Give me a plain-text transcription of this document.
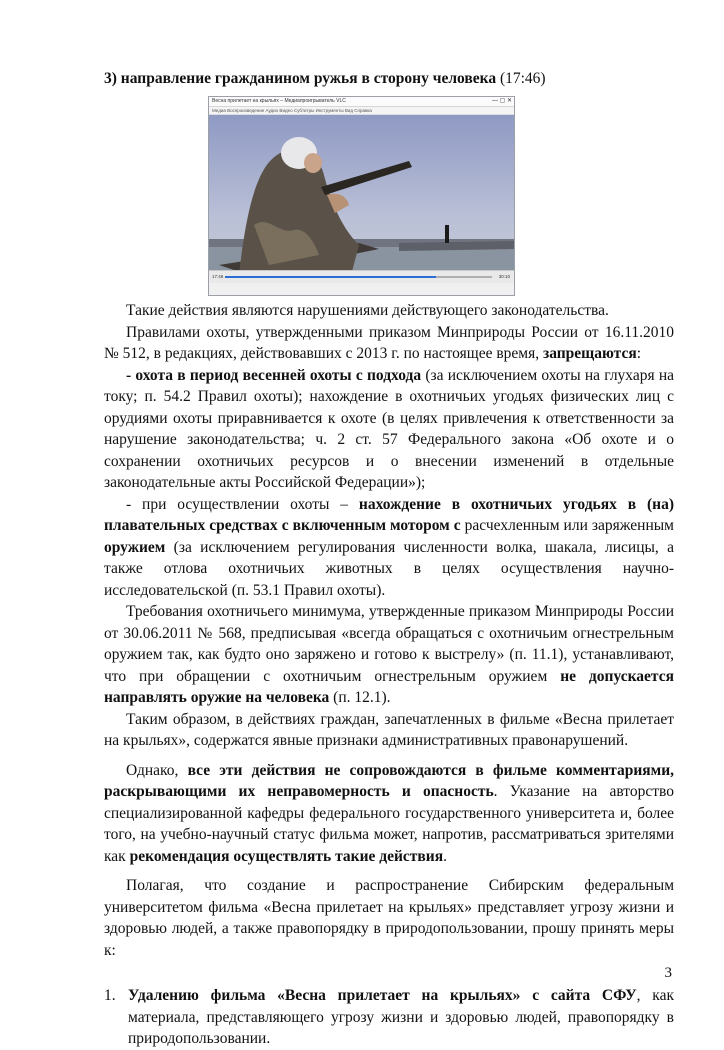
3) направление гражданином ружья в сторону человека (17:46)
Весна прилетает на крыльях – Медиапроигрыватель VLC	— ▢ ✕
Медиа Воспроизведение Аудио Видео Субтитры Инструменты Вид Справка
17:46	30:10

Такие действия являются нарушениями действующего законодательства.

Правилами охоты, утвержденными приказом Минприроды России от 16.11.2010 № 512, в редакциях, действовавших с 2013 г. по настоящее время, запрещаются:

- охота в период весенней охоты с подхода (за исключением охоты на глухаря на току; п. 54.2 Правил охоты); нахождение в охотничьих угодьях физических лиц с орудиями охоты приравнивается к охоте (в целях привлечения к ответственности за нарушение законодательства; ч. 2 ст. 57 Федерального закона «Об охоте и о сохранении охотничьих ресурсов и о внесении изменений в отдельные законодательные акты Российской Федерации»);

- при осуществлении охоты – нахождение в охотничьих угодьях в (на) плавательных средствах с включенным мотором с расчехленным или заряженным оружием (за исключением регулирования численности волка, шакала, лисицы, а также отлова охотничьих животных в целях осуществления научно-исследовательской (п. 53.1 Правил охоты).

Требования охотничьего минимума, утвержденные приказом Минприроды России от 30.06.2011 № 568, предписывая «всегда обращаться с охотничьим огнестрельным оружием так, как будто оно заряжено и готово к выстрелу» (п. 11.1), устанавливают, что при обращении с охотничьим огнестрельным оружием не допускается направлять оружие на человека (п. 12.1).

Таким образом, в действиях граждан, запечатленных в фильме «Весна прилетает на крыльях», содержатся явные признаки административных правонарушений.

Однако, все эти действия не сопровождаются в фильме комментариями, раскрывающими их неправомерность и опасность. Указание на авторство специализированной кафедры федерального государственного университета и, более того, на учебно-научный статус фильма может, напротив, рассматриваться зрителями как рекомендация осуществлять такие действия.

Полагая, что создание и распространение Сибирским федеральным университетом фильма «Весна прилетает на крыльях» представляет угрозу жизни и здоровью людей, а также правопорядку в природопользовании, прошу принять меры к:

1. Удалению фильма «Весна прилетает на крыльях» с сайта СФУ, как материала, представляющего угрозу жизни и здоровью людей, правопорядку в природопользовании.
3
